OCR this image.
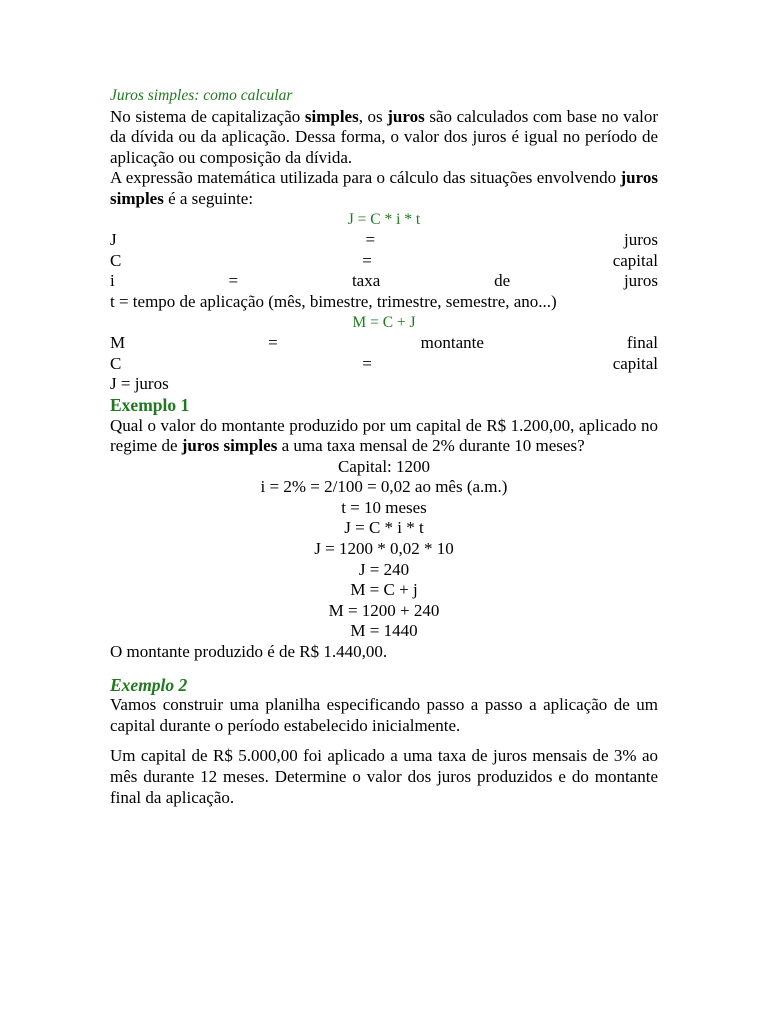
Juros simples: como calcular
No sistema de capitalização simples, os juros são calculados com base no valor da dívida ou da aplicação. Dessa forma, o valor dos juros é igual no período de aplicação ou composição da dívida.
A expressão matemática utilizada para o cálculo das situações envolvendo juros simples é a seguinte:
J = C * i * t
J	=	juros
C	=	capital
i	=	taxa	de	juros
t = tempo de aplicação (mês, bimestre, trimestre, semestre, ano...)
M = C + J
M	=	montante	final
C	=	capital
J = juros
Exemplo 1
Qual o valor do montante produzido por um capital de R$ 1.200,00, aplicado no regime de juros simples a uma taxa mensal de 2% durante 10 meses?
Capital: 1200
i = 2% = 2/100 = 0,02 ao mês (a.m.)
t = 10 meses
J = C * i * t
J = 1200 * 0,02 * 10
J = 240
M = C + j
M = 1200 + 240
M = 1440
O montante produzido é de R$ 1.440,00.
Exemplo 2
Vamos construir uma planilha especificando passo a passo a aplicação de um capital durante o período estabelecido inicialmente.
Um capital de R$ 5.000,00 foi aplicado a uma taxa de juros mensais de 3% ao mês durante 12 meses. Determine o valor dos juros produzidos e do montante final da aplicação.
